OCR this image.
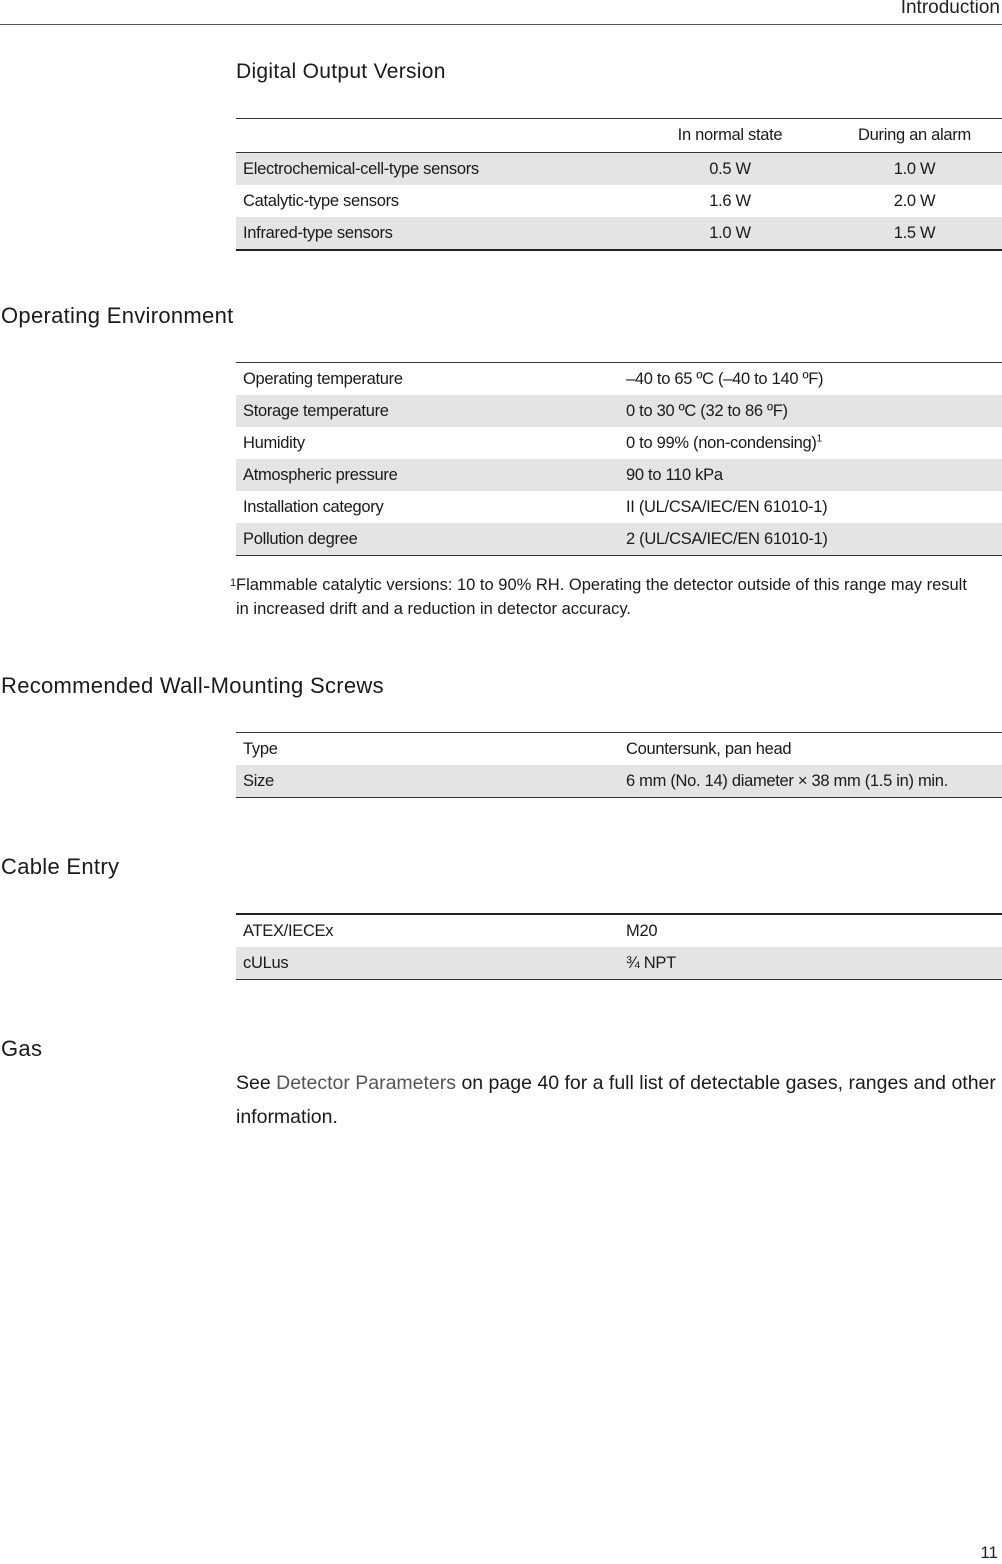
Introduction
Digital Output Version
	In normal state	During an alarm
Electrochemical-cell-type sensors	0.5 W	1.0 W
Catalytic-type sensors	1.6 W	2.0 W
Infrared-type sensors	1.0 W	1.5 W
Operating Environment
Operating temperature	–40 to 65 ºC (–40 to 140 ºF)
Storage temperature	0 to 30 ºC (32 to 86 ºF)
Humidity	0 to 99% (non-condensing)$^1$
Atmospheric pressure	90 to 110 kPa
Installation category	II (UL/CSA/IEC/EN 61010-1)
Pollution degree	2 (UL/CSA/IEC/EN 61010-1)
1 Flammable catalytic versions: 10 to 90% RH. Operating the detector outside of this range may result in increased drift and a reduction in detector accuracy.
Recommended Wall-Mounting Screws
Type	Countersunk, pan head
Size	6 mm (No. 14) diameter × 38 mm (1.5 in) min.
Cable Entry
ATEX/IECEx	M20
cULus	¾ NPT
Gas
See Detector Parameters on page 40 for a full list of detectable gases, ranges and other information.
11
